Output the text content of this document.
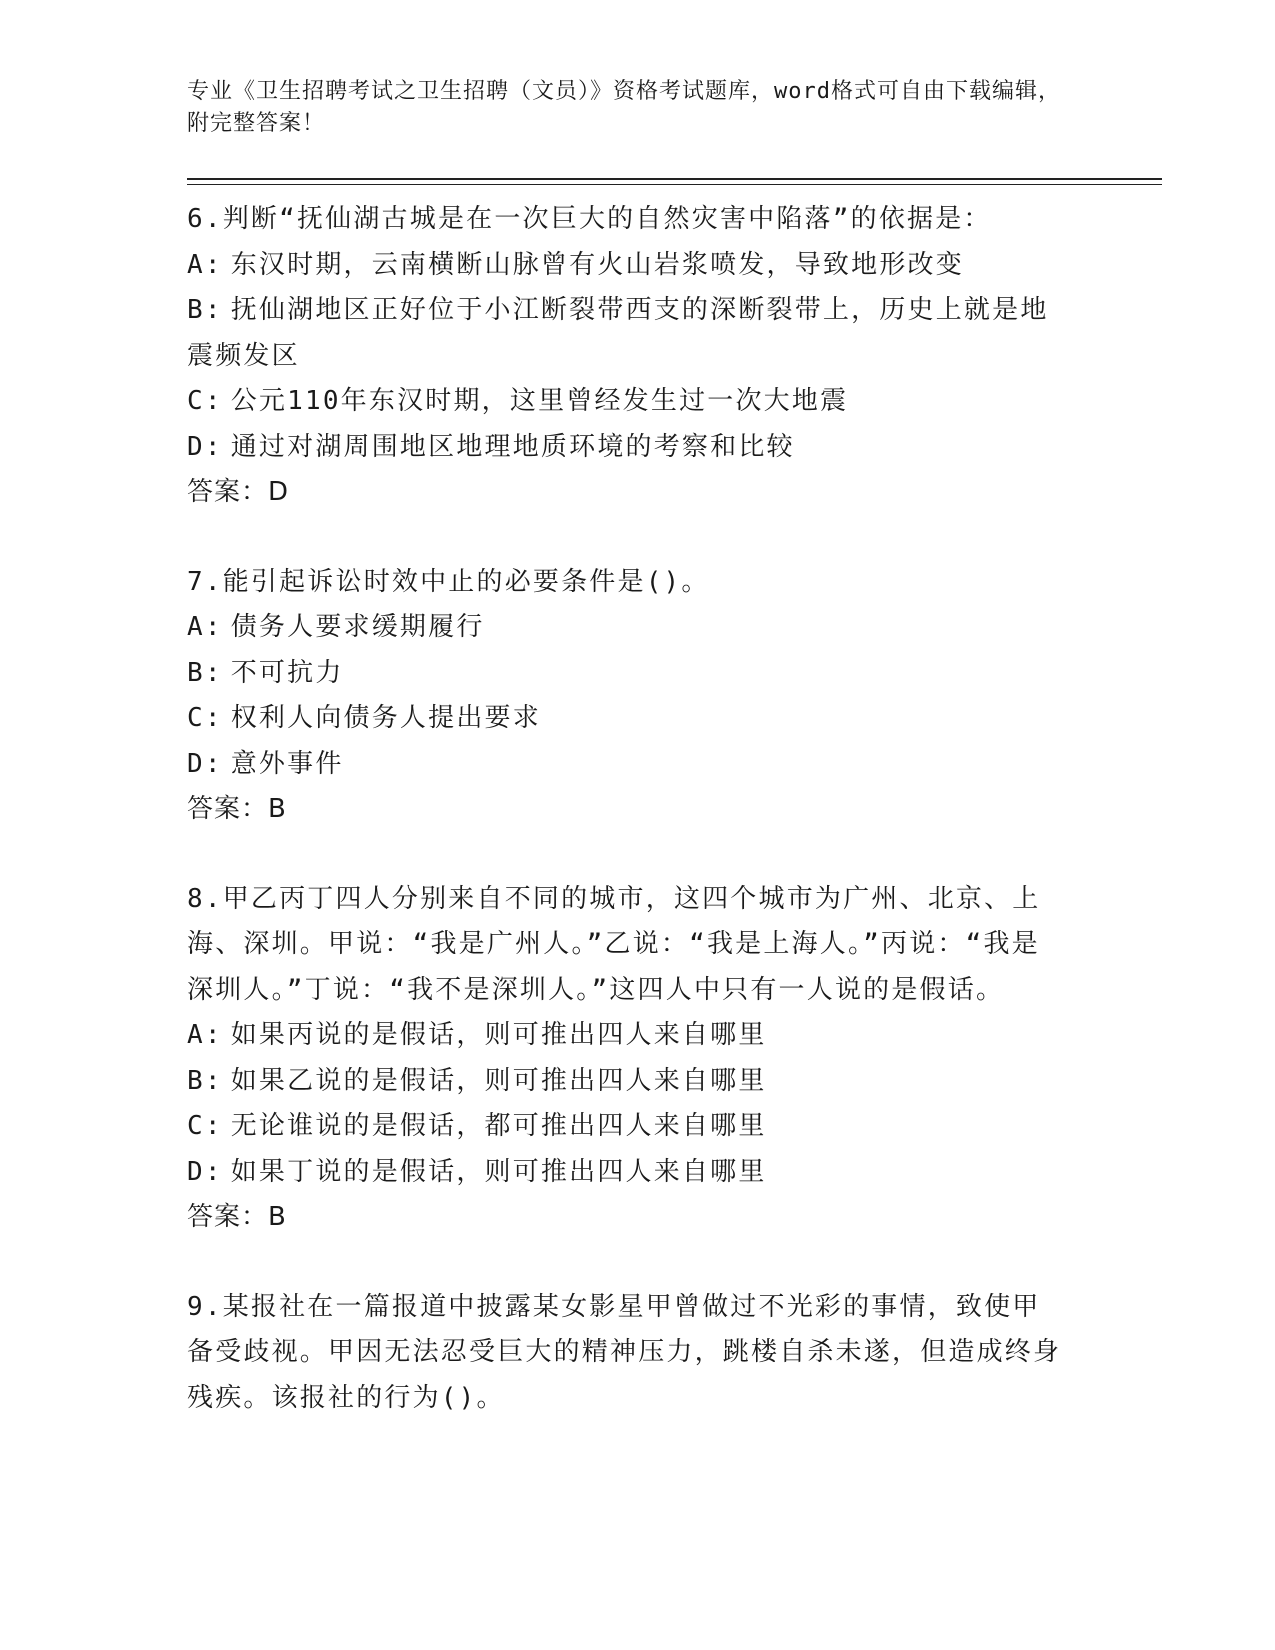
专业《卫生招聘考试之卫生招聘（文员）》资格考试题库，word格式可自由下载编辑，附完整答案！

6.判断“抚仙湖古城是在一次巨大的自然灾害中陷落”的依据是：

A: 东汉时期，云南横断山脉曾有火山岩浆喷发，导致地形改变
B: 抚仙湖地区正好位于小江断裂带西支的深断裂带上，历史上就是地震频发区
C: 公元110年东汉时期，这里曾经发生过一次大地震
D: 通过对湖周围地区地理地质环境的考察和比较
答案：D

7.能引起诉讼时效中止的必要条件是()。

A: 债务人要求缓期履行
B: 不可抗力
C: 权利人向债务人提出要求
D: 意外事件
答案：B

8.甲乙丙丁四人分别来自不同的城市，这四个城市为广州、北京、上海、深圳。甲说：“我是广州人。”乙说：“我是上海人。”丙说：“我是深圳人。”丁说：“我不是深圳人。”这四人中只有一人说的是假话。

A: 如果丙说的是假话，则可推出四人来自哪里
B: 如果乙说的是假话，则可推出四人来自哪里
C: 无论谁说的是假话，都可推出四人来自哪里
D: 如果丁说的是假话，则可推出四人来自哪里
答案：B

9.某报社在一篇报道中披露某女影星甲曾做过不光彩的事情，致使甲备受歧视。甲因无法忍受巨大的精神压力，跳楼自杀未遂，但造成终身残疾。该报社的行为()。
